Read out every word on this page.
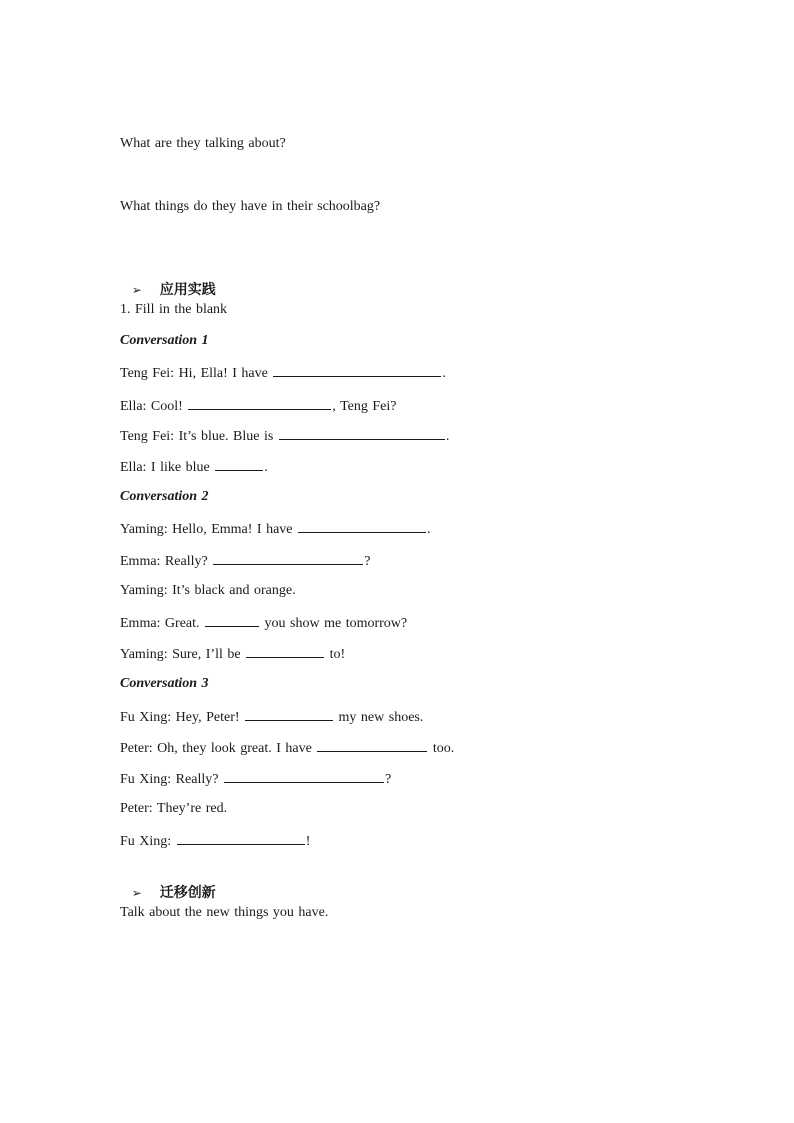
What are they talking about?
What things do they have in their schoolbag?

➢ 应用实践

1. Fill in the blank
Conversation 1
Teng Fei: Hi, Ella! I have	.
Ella: Cool!	, Teng Fei?
Teng Fei: It’s blue. Blue is	.
Ella: I like blue	.
Conversation 2
Yaming: Hello, Emma! I have	.
Emma: Really?	?
Yaming: It’s black and orange.
Emma: Great.	you show me tomorrow?
Yaming: Sure, I’ll be	to!
Conversation 3
Fu Xing: Hey, Peter!	my new shoes.
Peter: Oh, they look great. I have	too.
Fu Xing: Really?	?
Peter: They’re red.
Fu Xing:	!

➢ 迁移创新

Talk about the new things you have.
